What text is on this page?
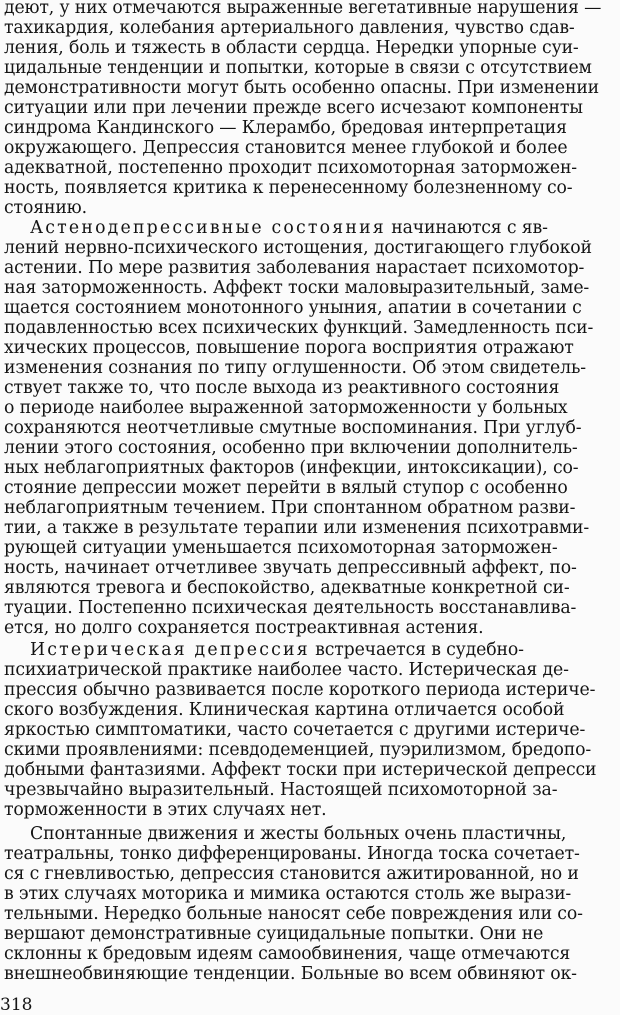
деют, у них отмечаются выраженные вегетативные нарушения —
тахикардия, колебания артериального давления, чувство сдав-
ления, боль и тяжесть в области сердца. Нередки упорные суи-
цидальные тенденции и попытки, которые в связи с отсутствием
демонстративности могут быть особенно опасны. При изменении
ситуации или при лечении прежде всего исчезают компоненты
синдрома Кандинского — Клерамбо, бредовая интерпретация
окружающего. Депрессия становится менее глубокой и более
адекватной, постепенно проходит психомоторная заторможен-
ность, появляется критика к перенесенному болезненному со-
стоянию.
Астенодепрессивные состояния начинаются с яв-
лений нервно-психического истощения, достигающего глубокой
астении. По мере развития заболевания нарастает психомотор-
ная заторможенность. Аффект тоски маловыразительный, заме-
щается состоянием монотонного уныния, апатии в сочетании с
подавленностью всех психических функций. Замедленность пси-
хических процессов, повышение порога восприятия отражают
изменения сознания по типу оглушенности. Об этом свидетель-
ствует также то, что после выхода из реактивного состояния
о периоде наиболее выраженной заторможенности у больных
сохраняются неотчетливые смутные воспоминания. При углуб-
лении этого состояния, особенно при включении дополнитель-
ных неблагоприятных факторов (инфекции, интоксикации), со-
стояние депрессии может перейти в вялый ступор с особенно
неблагоприятным течением. При спонтанном обратном разви-
тии, а также в результате терапии или изменения психотравми-
рующей ситуации уменьшается психомоторная заторможен-
ность, начинает отчетливее звучать депрессивный аффект, по-
являются тревога и беспокойство, адекватные конкретной си-
туации. Постепенно психическая деятельность восстанавлива-
ется, но долго сохраняется постреактивная астения.
Истерическая депрессия встречается в судебно-
психиатрической практике наиболее часто. Истерическая де-
прессия обычно развивается после короткого периода истериче-
ского возбуждения. Клиническая картина отличается особой
яркостью симптоматики, часто сочетается с другими истериче-
скими проявлениями: псевдодеменцией, пуэрилизмом, бредопо-
добными фантазиями. Аффект тоски при истерической депресси
чрезвычайно выразительный. Настоящей психомоторной за-
торможенности в этих случаях нет.
Спонтанные движения и жесты больных очень пластичны,
театральны, тонко дифференцированы. Иногда тоска сочетает-
ся с гневливостью, депрессия становится ажитированной, но и
в этих случаях моторика и мимика остаются столь же вырази-
тельными. Нередко больные наносят себе повреждения или со-
вершают демонстративные суицидальные попытки. Они не
склонны к бредовым идеям самообвинения, чаще отмечаются
внешнеобвиняющие тенденции. Больные во всем обвиняют ок-
318
